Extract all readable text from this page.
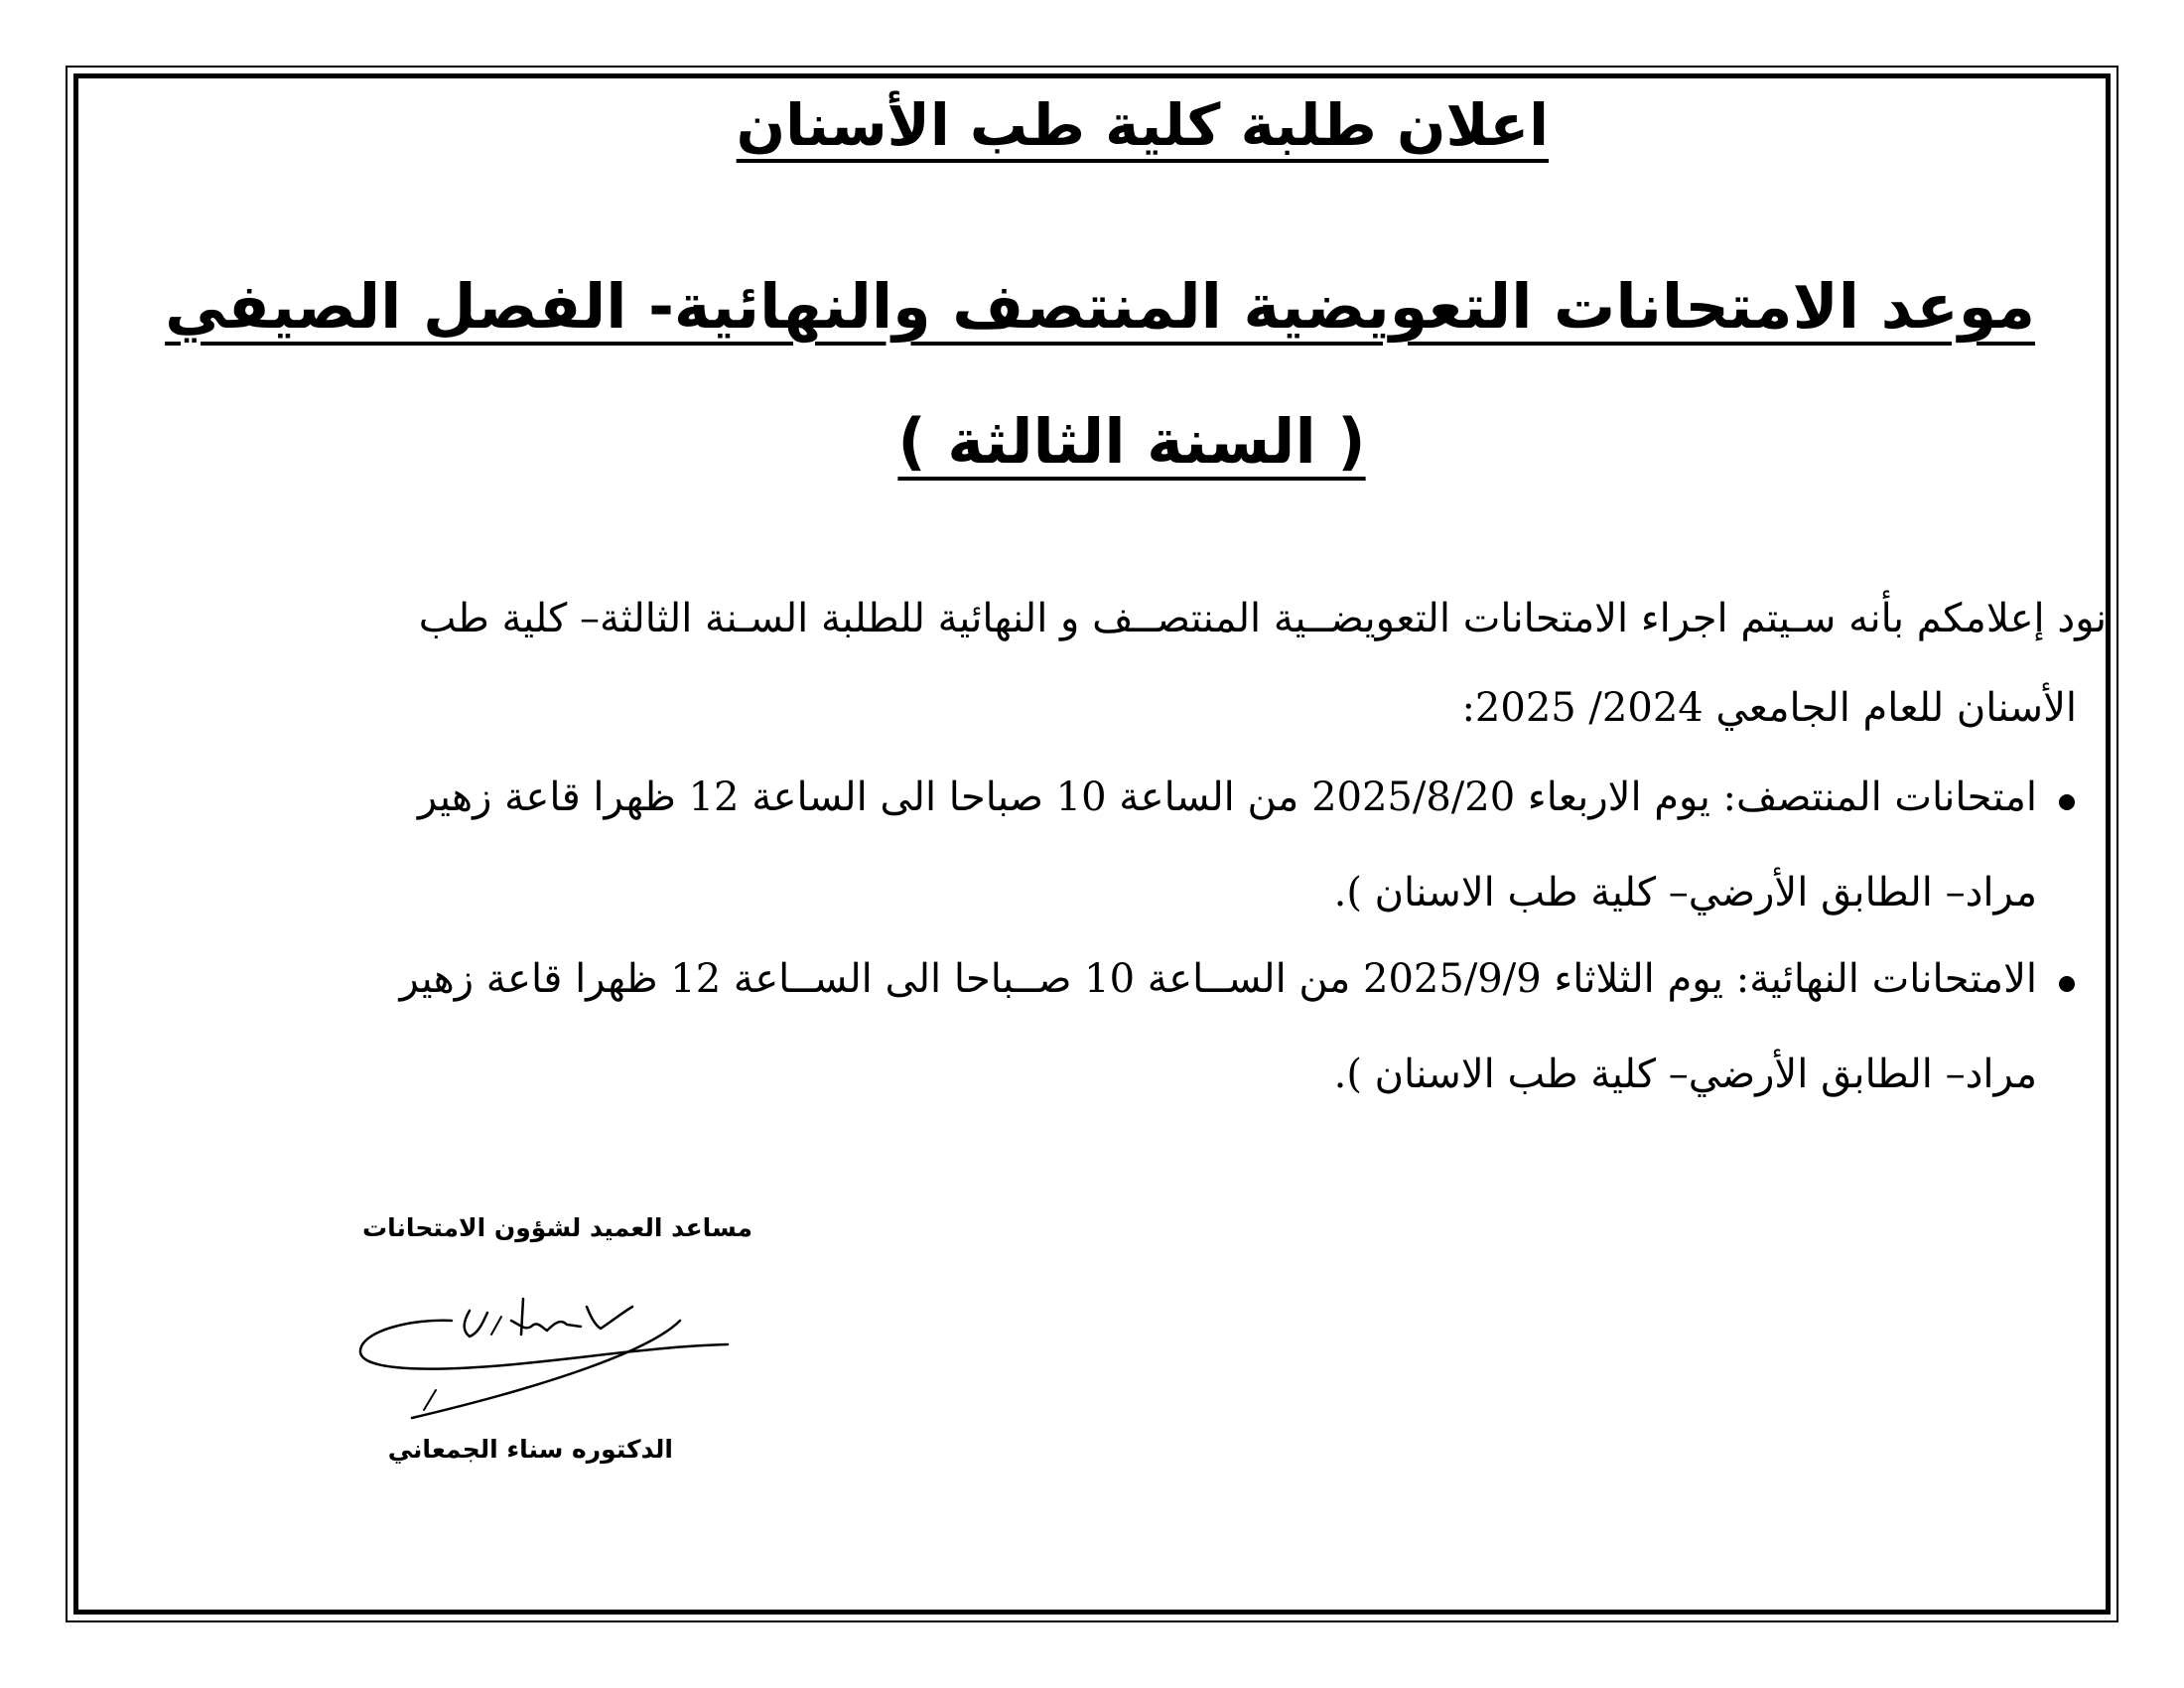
اعلان طلبة كلية طب الأسنان
موعد الامتحانات التعويضية المنتصف والنهائية- الفصل الصيفي
( السنة الثالثة )
نود إعلامكم بأنه سـيتم اجراء الامتحانات التعويضــية المنتصــف و النهائية للطلبة السـنة الثالثة– كلية طب
الأسنان للعام الجامعي 2024/ 2025:
امتحانات المنتصف: يوم الاربعاء 2025/8/20 من الساعة 10 صباحا الى الساعة 12 ظهرا قاعة زهير
مراد– الطابق الأرضي– كلية طب الاسنان ).
الامتحانات النهائية: يوم الثلاثاء 2025/9/9 من الســاعة 10 صــباحا الى الســاعة 12 ظهرا قاعة زهير
مراد– الطابق الأرضي– كلية طب الاسنان ).
مساعد العميد لشؤون الامتحانات
الدكتوره سناء الجمعاني
